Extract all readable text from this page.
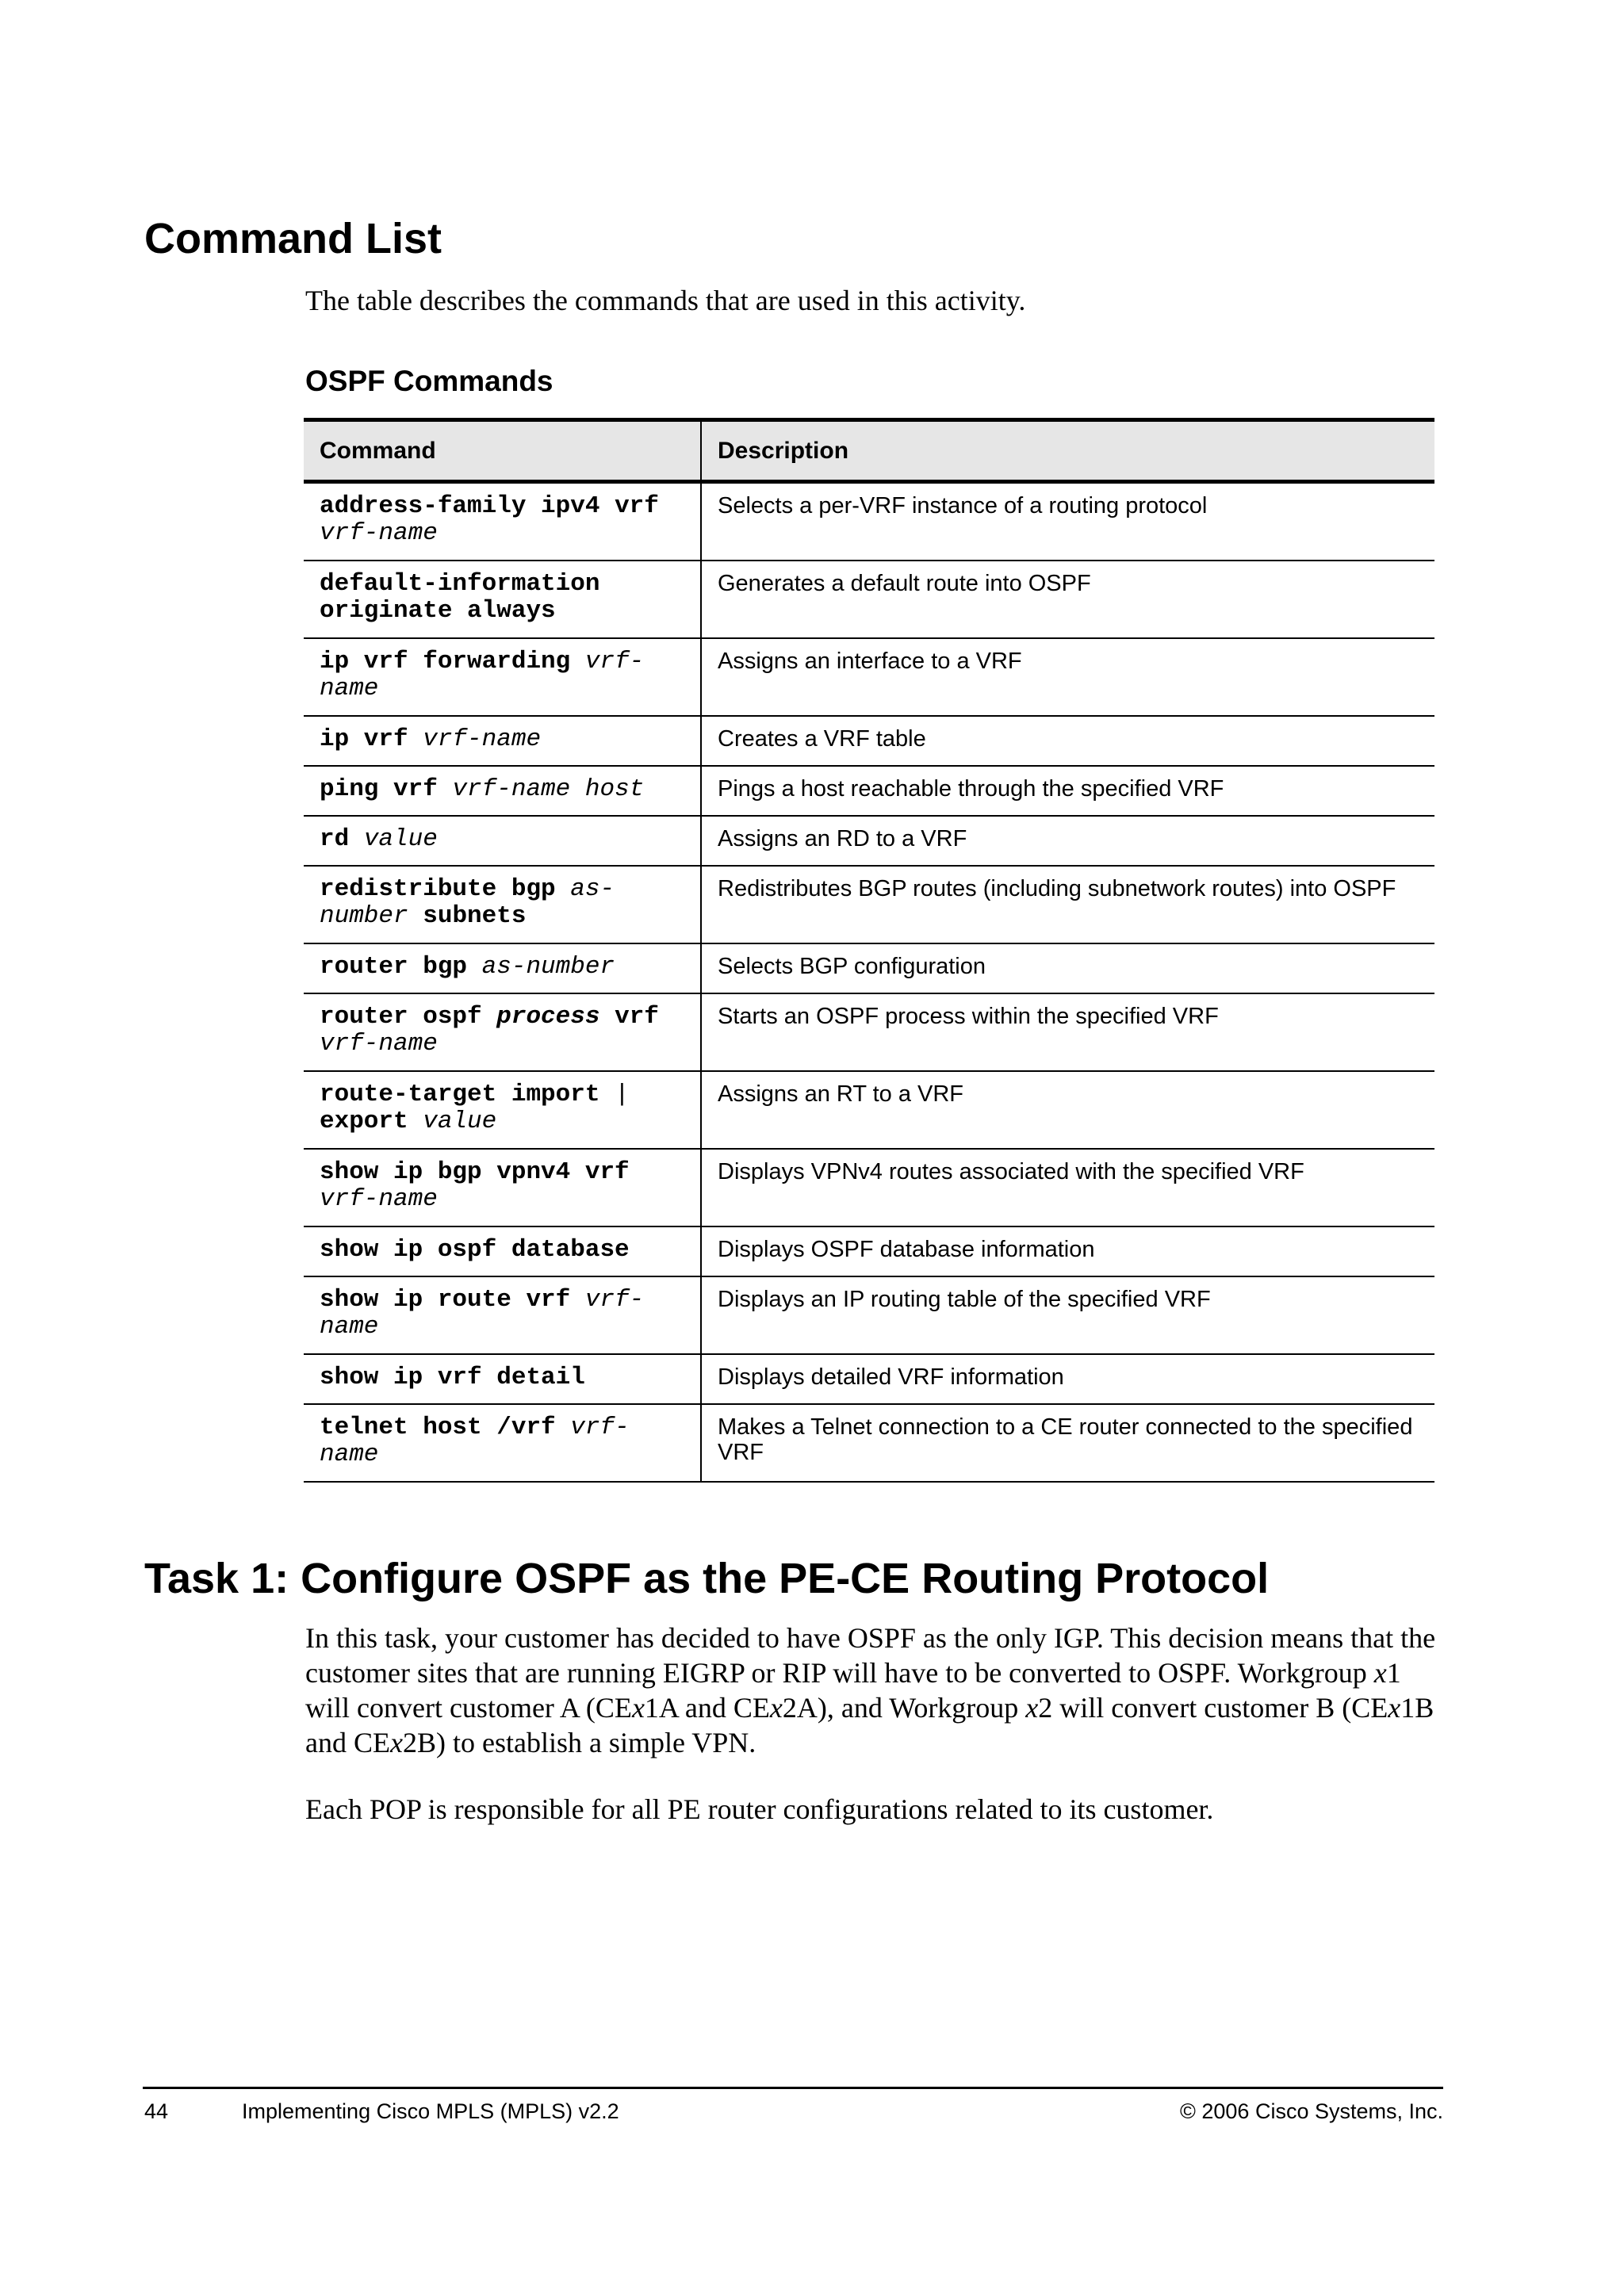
Command List

The table describes the commands that are used in this activity.

OSPF Commands
Command	Description
address-family ipv4 vrf vrf-name	Selects a per-VRF instance of a routing protocol
default-information originate always	Generates a default route into OSPF
ip vrf forwarding vrf-name	Assigns an interface to a VRF
ip vrf vrf-name	Creates a VRF table
ping vrf vrf-name host	Pings a host reachable through the specified VRF
rd value	Assigns an RD to a VRF
redistribute bgp as-number subnets	Redistributes BGP routes (including subnetwork routes) into OSPF
router bgp as-number	Selects BGP configuration
router ospf process vrf vrf-name	Starts an OSPF process within the specified VRF
route-target import | export value	Assigns an RT to a VRF
show ip bgp vpnv4 vrf vrf-name	Displays VPNv4 routes associated with the specified VRF
show ip ospf database	Displays OSPF database information
show ip route vrf vrf-name	Displays an IP routing table of the specified VRF
show ip vrf detail	Displays detailed VRF information
telnet host /vrf vrf-name	Makes a Telnet connection to a CE router connected to the specified VRF
Task 1: Configure OSPF as the PE-CE Routing Protocol

In this task, your customer has decided to have OSPF as the only IGP. This decision means that the customer sites that are running EIGRP or RIP will have to be converted to OSPF. Workgroup x1 will convert customer A (CEx1A and CEx2A), and Workgroup x2 will convert customer B (CEx1B and CEx2B) to establish a simple VPN.

Each POP is responsible for all PE router configurations related to its customer.

44	Implementing Cisco MPLS (MPLS) v2.2	© 2006 Cisco Systems, Inc.
